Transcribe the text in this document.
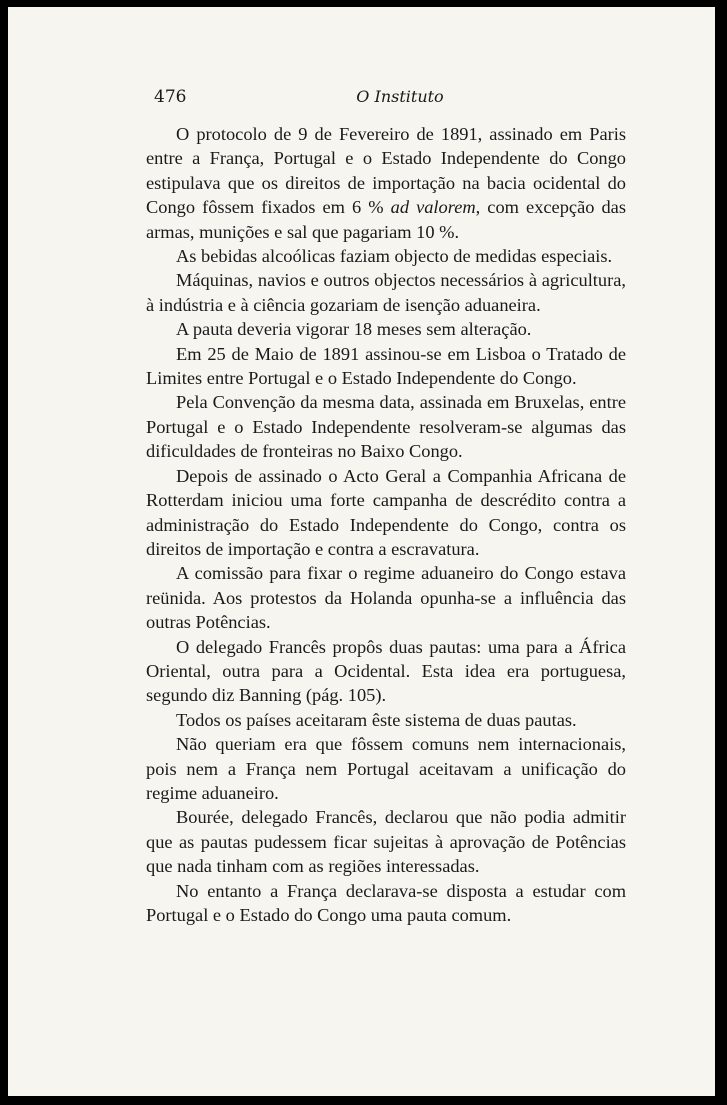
476	O Instituto

O protocolo de 9 de Fevereiro de 1891, assinado em Paris entre a França, Portugal e o Estado Independente do Congo estipulava que os direitos de importação na bacia ocidental do Congo fôssem fixados em 6 % ad valorem, com excepção das armas, munições e sal que pagariam 10 %.

As bebidas alcoólicas faziam objecto de medidas especiais.

Máquinas, navios e outros objectos necessários à agricultura, à indústria e à ciência gozariam de isenção aduaneira.

A pauta deveria vigorar 18 meses sem alteração.

Em 25 de Maio de 1891 assinou-se em Lisboa o Tratado de Limites entre Portugal e o Estado Independente do Congo.

Pela Convenção da mesma data, assinada em Bruxelas, entre Portugal e o Estado Independente resolveram-se algumas das dificuldades de fronteiras no Baixo Congo.

Depois de assinado o Acto Geral a Companhia Africana de Rotterdam iniciou uma forte campanha de descrédito contra a administração do Estado Independente do Congo, contra os direitos de importação e contra a escravatura.

A comissão para fixar o regime aduaneiro do Congo estava reünida. Aos protestos da Holanda opunha-se a influência das outras Potências.

O delegado Francês propôs duas pautas: uma para a África Oriental, outra para a Ocidental. Esta idea era portuguesa, segundo diz Banning (pág. 105).

Todos os países aceitaram êste sistema de duas pautas.

Não queriam era que fôssem comuns nem internacionais, pois nem a França nem Portugal aceitavam a unificação do regime aduaneiro.

Bourée, delegado Francês, declarou que não podia admitir que as pautas pudessem ficar sujeitas à aprovação de Potências que nada tinham com as regiões interessadas.

No entanto a França declarava-se disposta a estudar com Portugal e o Estado do Congo uma pauta comum.
